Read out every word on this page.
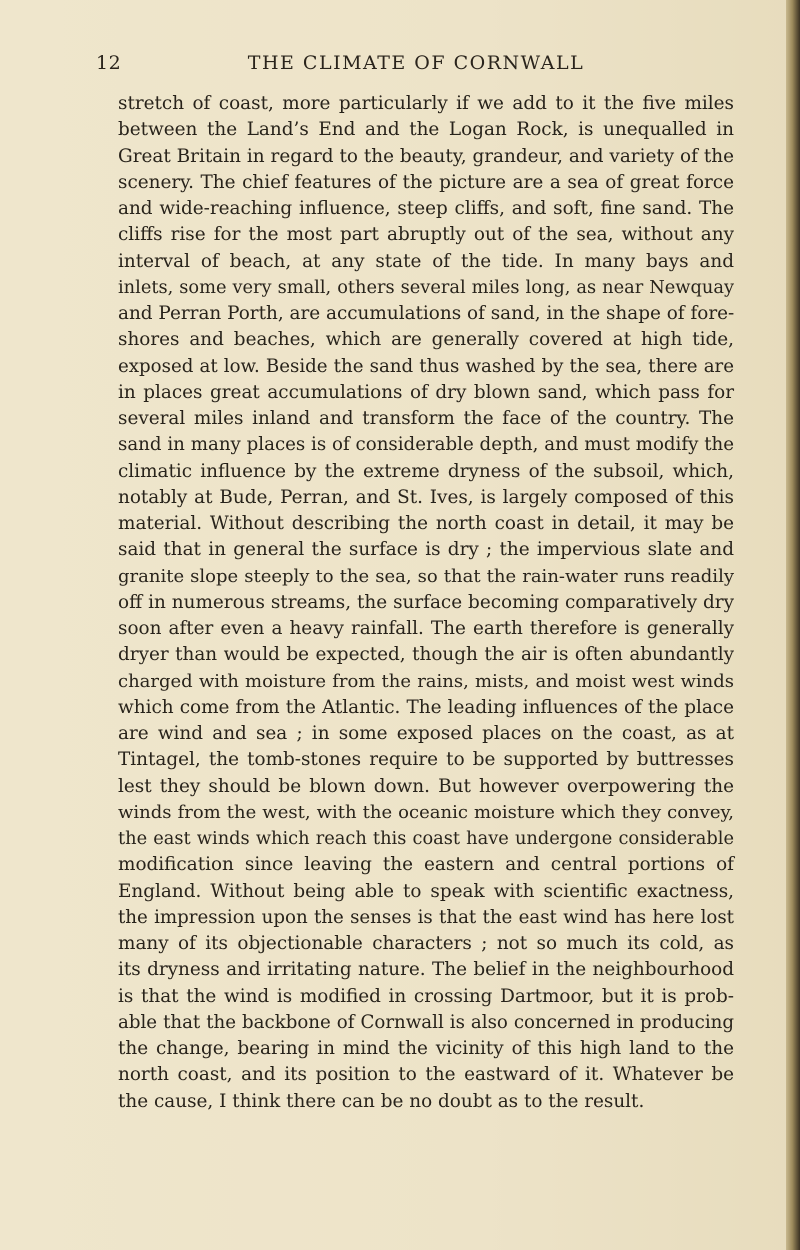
12	THE CLIMATE OF CORNWALL
stretch of coast, more particularly if we add to it the five miles
between the Land’s End and the Logan Rock, is unequalled in
Great Britain in regard to the beauty, grandeur, and variety of the
scenery. The chief features of the picture are a sea of great force
and wide-reaching influence, steep cliffs, and soft, fine sand. The
cliffs rise for the most part abruptly out of the sea, without any
interval of beach, at any state of the tide. In many bays and
inlets, some very small, others several miles long, as near Newquay
and Perran Porth, are accumulations of sand, in the shape of fore-
shores and beaches, which are generally covered at high tide,
exposed at low. Beside the sand thus washed by the sea, there are
in places great accumulations of dry blown sand, which pass for
several miles inland and transform the face of the country. The
sand in many places is of considerable depth, and must modify the
climatic influence by the extreme dryness of the subsoil, which,
notably at Bude, Perran, and St. Ives, is largely composed of this
material. Without describing the north coast in detail, it may be
said that in general the surface is dry ; the impervious slate and
granite slope steeply to the sea, so that the rain-water runs readily
off in numerous streams, the surface becoming comparatively dry
soon after even a heavy rainfall. The earth therefore is generally
dryer than would be expected, though the air is often abundantly
charged with moisture from the rains, mists, and moist west winds
which come from the Atlantic. The leading influences of the place
are wind and sea ; in some exposed places on the coast, as at
Tintagel, the tomb-stones require to be supported by buttresses
lest they should be blown down. But however overpowering the
winds from the west, with the oceanic moisture which they convey,
the east winds which reach this coast have undergone considerable
modification since leaving the eastern and central portions of
England. Without being able to speak with scientific exactness,
the impression upon the senses is that the east wind has here lost
many of its objectionable characters ; not so much its cold, as
its dryness and irritating nature. The belief in the neighbourhood
is that the wind is modified in crossing Dartmoor, but it is prob-
able that the backbone of Cornwall is also concerned in producing
the change, bearing in mind the vicinity of this high land to the
north coast, and its position to the eastward of it. Whatever be
the cause, I think there can be no doubt as to the result.
